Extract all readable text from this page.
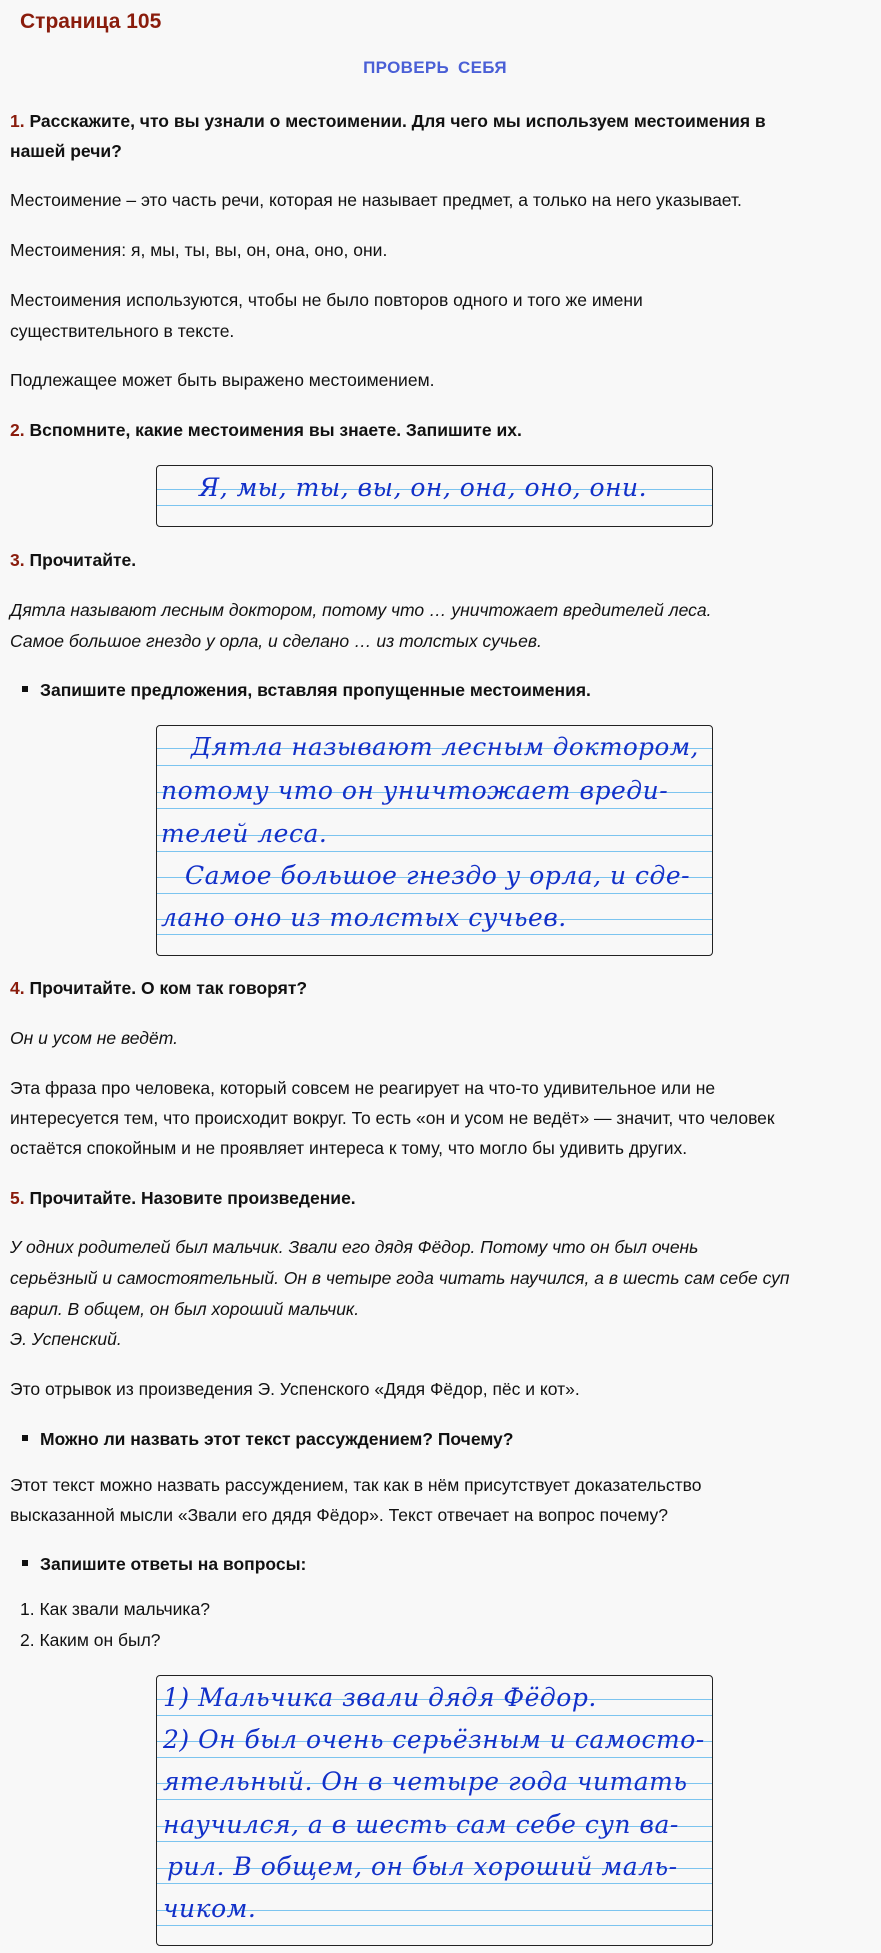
Страница 105
ПРОВЕРЬ СЕБЯ
1. Расскажите, что вы узнали о местоимении. Для чего мы используем местоимения в
нашей речи?
Местоимение – это часть речи, которая не называет предмет, а только на него указывает.
Местоимения: я, мы, ты, вы, он, она, оно, они.
Местоимения используются, чтобы не было повторов одного и того же имени
существительного в тексте.
Подлежащее может быть выражено местоимением.
2. Вспомните, какие местоимения вы знаете. Запишите их.
Я, мы, ты, вы, он, она, оно, они.
3. Прочитайте.
Дятла называют лесным доктором, потому что … уничтожает вредителей леса.
Самое большое гнездо у орла, и сделано … из толстых сучьев.
Запишите предложения, вставляя пропущенные местоимения.
Дятла называют лесным доктором,
потому что он уничтожает вреди-
телей леса.
Самое большое гнездо у орла, и сде-
лано оно из толстых сучьев.
4. Прочитайте. О ком так говорят?
Он и усом не ведёт.
Эта фраза про человека, который совсем не реагирует на что-то удивительное или не
интересуется тем, что происходит вокруг. То есть «он и усом не ведёт» — значит, что человек
остаётся спокойным и не проявляет интереса к тому, что могло бы удивить других.
5. Прочитайте. Назовите произведение.
У одних родителей был мальчик. Звали его дядя Фёдор. Потому что он был очень
серьёзный и самостоятельный. Он в четыре года читать научился, а в шесть сам себе суп
варил. В общем, он был хороший мальчик.
Э. Успенский.
Это отрывок из произведения Э. Успенского «Дядя Фёдор, пёс и кот».
Можно ли назвать этот текст рассуждением? Почему?
Этот текст можно назвать рассуждением, так как в нём присутствует доказательство
высказанной мысли «Звали его дядя Фёдор». Текст отвечает на вопрос почему?
Запишите ответы на вопросы:
1. Как звали мальчика?
2. Каким он был?
1) Мальчика звали дядя Фёдор.
2) Он был очень серьёзным и самосто-
ятельный. Он в четыре года читать
научился, а в шесть сам себе суп ва-
рил. В общем, он был хороший маль-
чиком.
